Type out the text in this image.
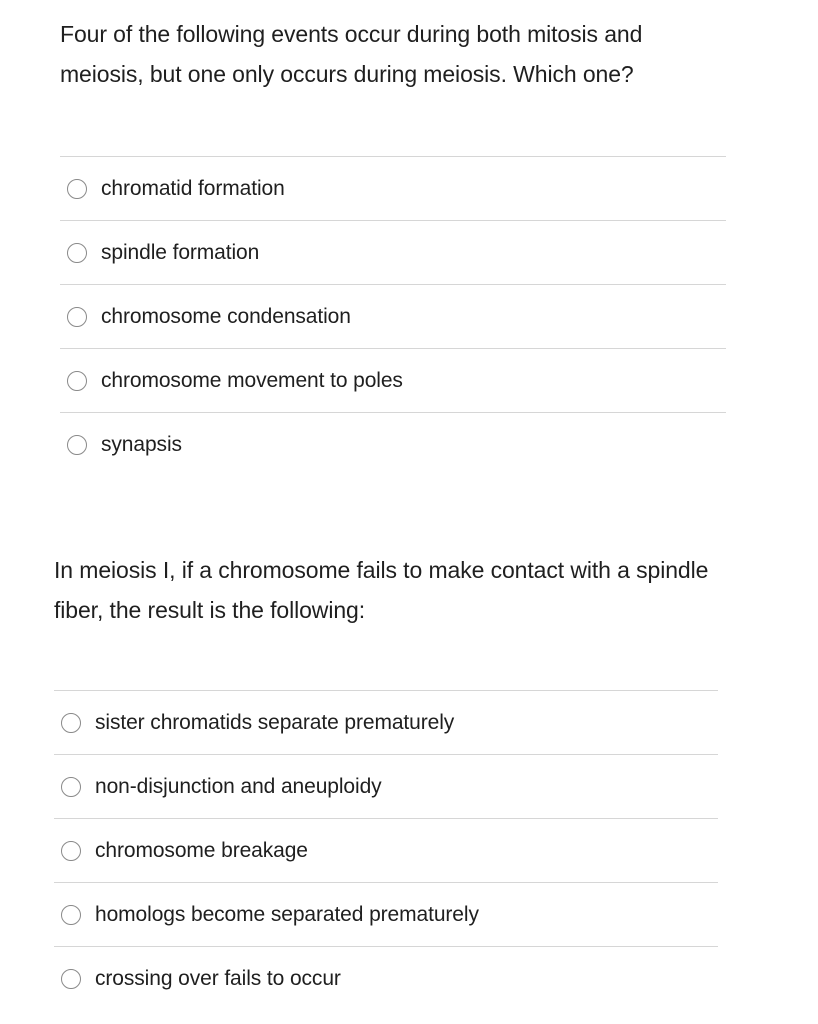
Four of the following events occur during both mitosis and meiosis, but one only occurs during meiosis. Which one?

chromatid formation
spindle formation
chromosome condensation
chromosome movement to poles
synapsis

In meiosis I, if a chromosome fails to make contact with a spindle fiber, the result is the following:

sister chromatids separate prematurely
non-disjunction and aneuploidy
chromosome breakage
homologs become separated prematurely
crossing over fails to occur
